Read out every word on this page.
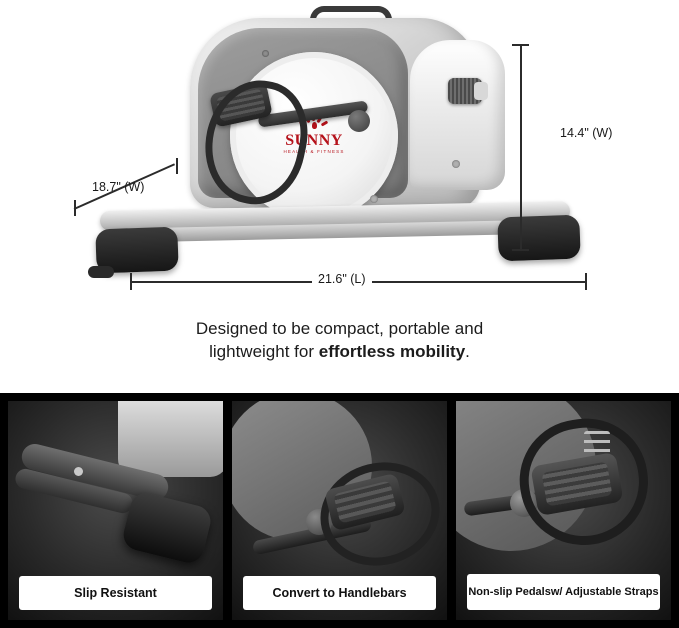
SUNNY
HEALTH & FITNESS
14.4" (W)
21.6" (L)
18.7" (W)
Designed to be compact, portable and
lightweight for effortless mobility.
Slip Resistant	Convert to Handlebars	Non-slip Pedals w/ Adjustable Straps
